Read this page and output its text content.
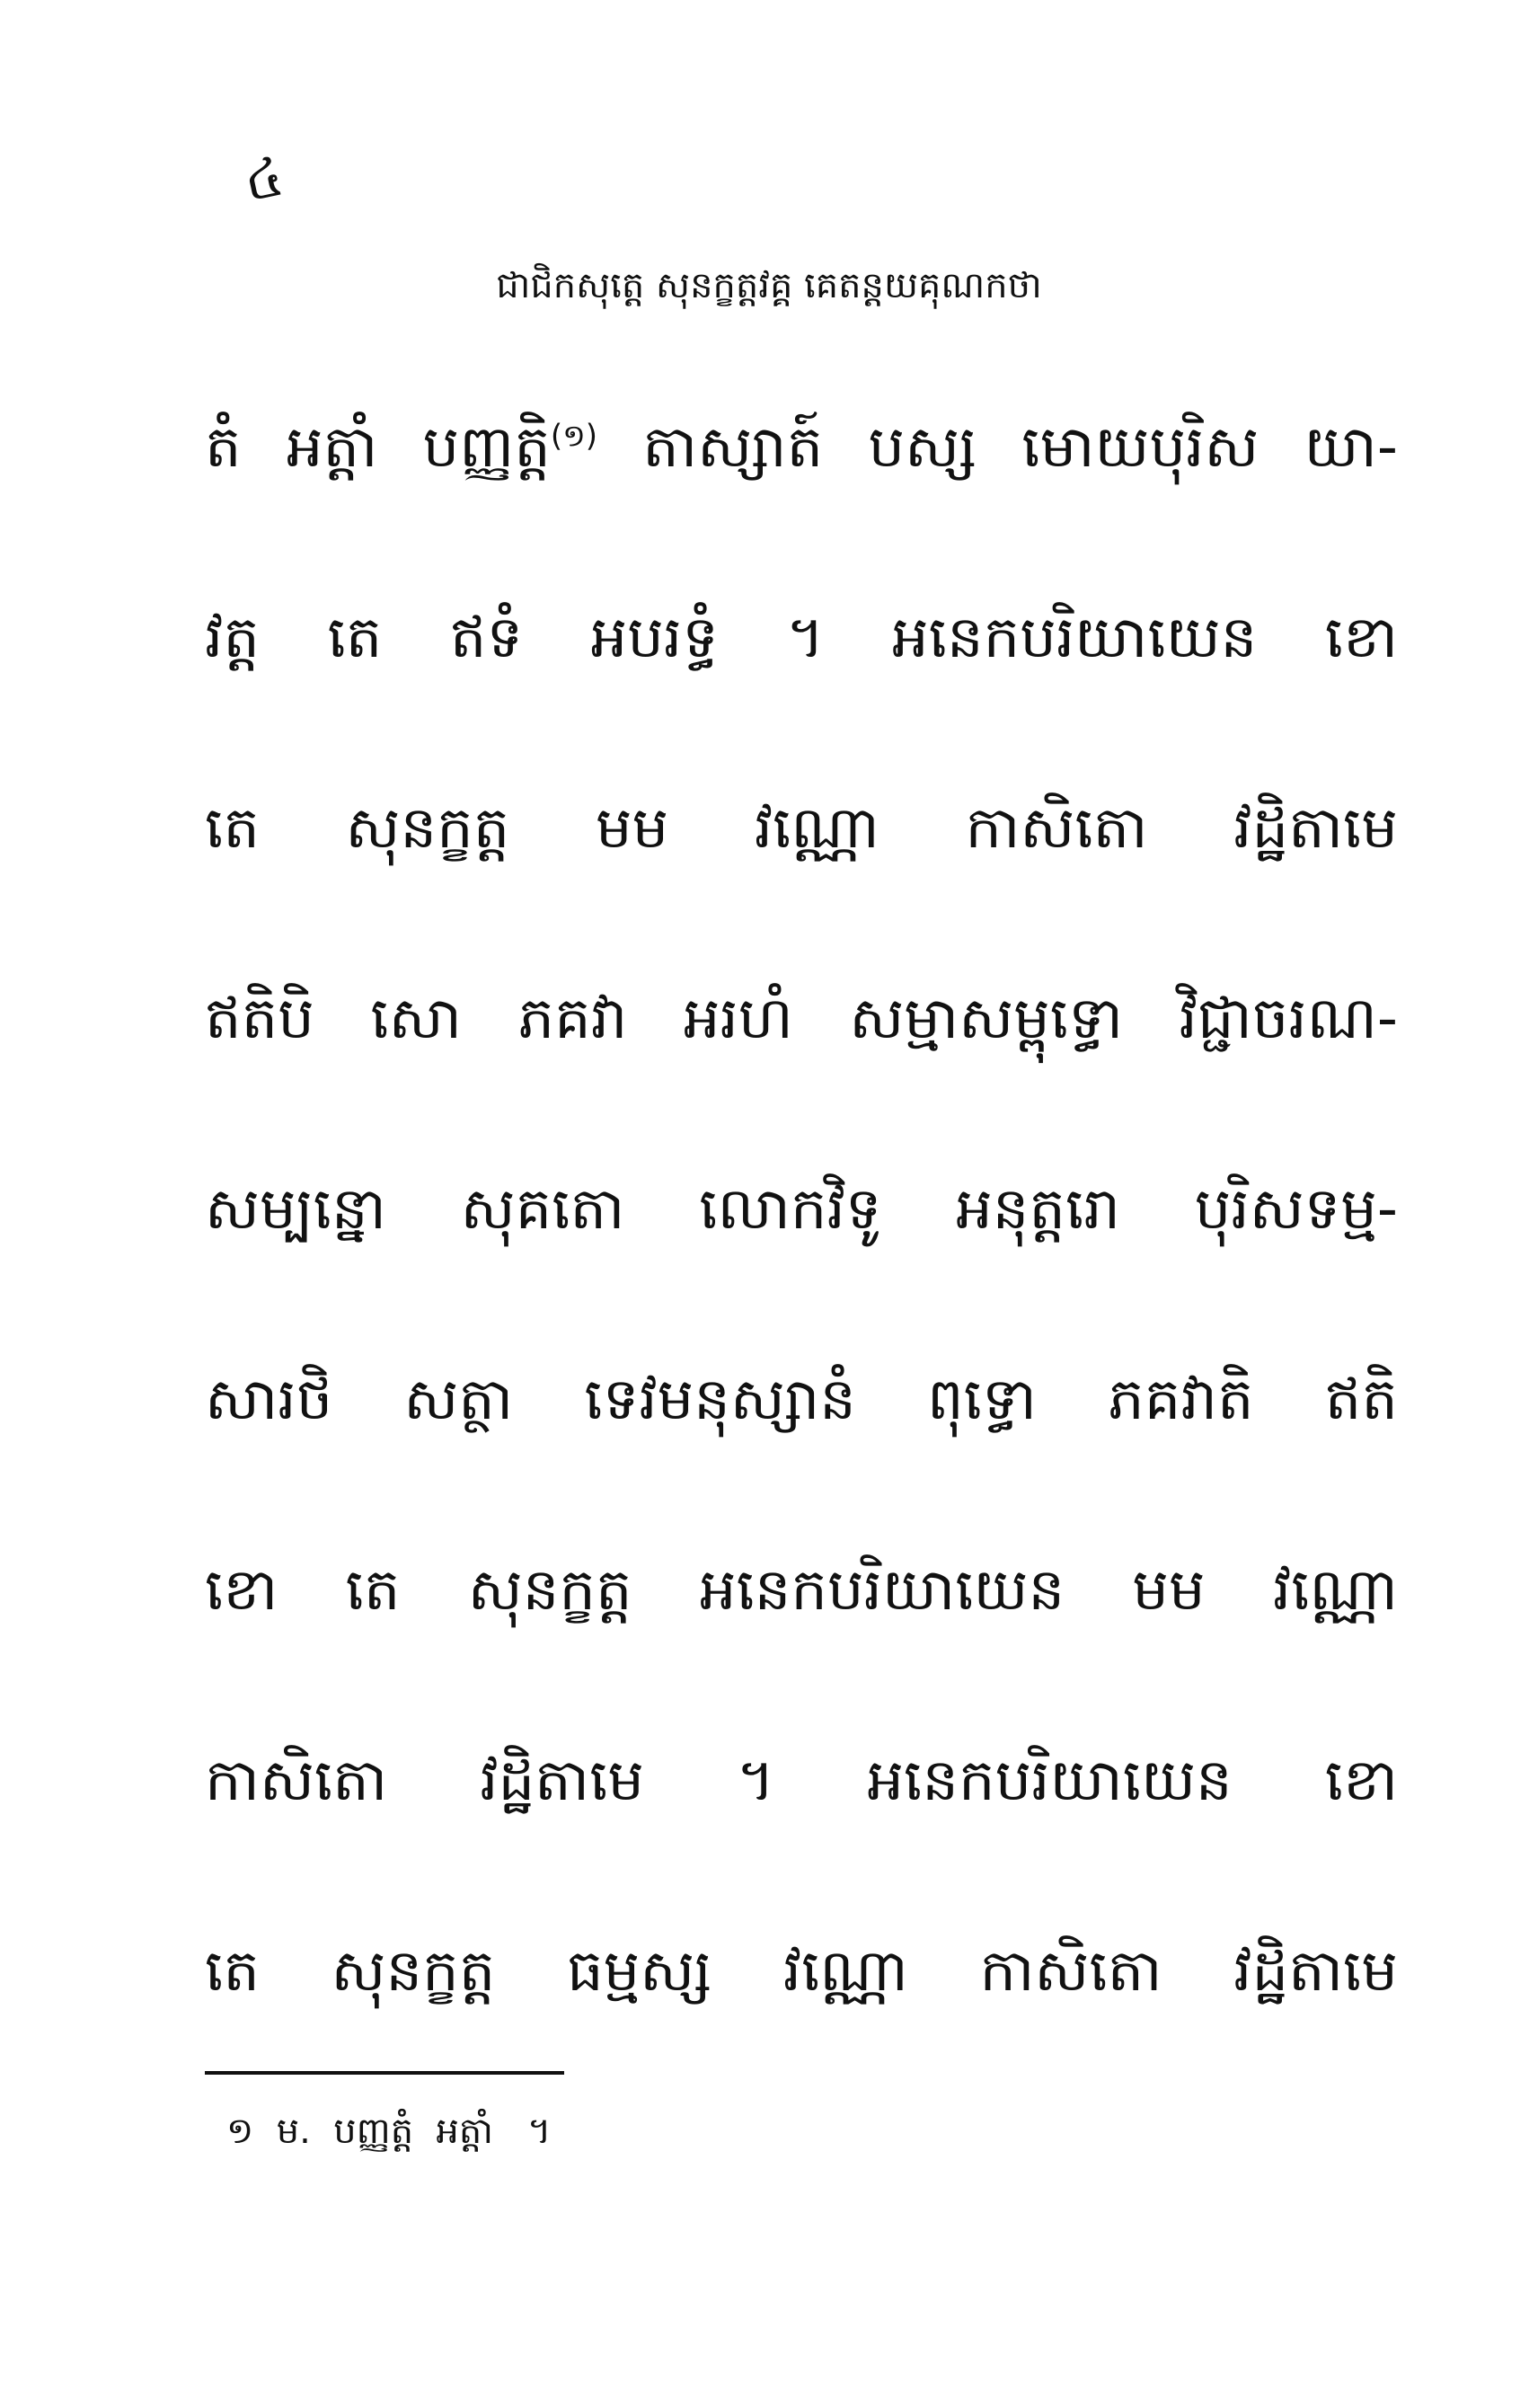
៤
ជាជិកសុត្តេ សុនក្ខត្តវគ្គ គេតន្តយគុណកថា
តំ អត្តាំ បញ្ញត្តិ$^{(១)}$ តាស្សាត៍ បស្ស មោយបុរិស យា-
វត្ត តេ ឥទំ អបរទ្ធំ ។ អនេកបរិយាយេន ខោ
តេ សុនក្ខត្ត មម វណ្ណោ កាសិតោ វដ្ឋិតាមេ
ឥតិបិ សោ ភគវា អរហំ សម្មាសម្ពុទ្ធោ វិជ្ជាចរណ-
សម្បន្នោ សុគតោ លោកវិទូ អនុត្តរោ បុរិសទម្ម-
សារថិ សត្ថា ទេវមនុស្សានំ ពុទ្ធោ ភគវាតិ ឥតិ
ខោ តេ សុនក្ខត្ត អនេកបរិយាយេន មម វណ្ណោ
កាសិតោ វដ្ឋិតាមេ ។ អនេកបរិយាយេន ខោ
តេ សុនក្ខត្ត ធម្មស្ស វណ្ណោ កាសិតោ វដ្ឋិតាមេ
១  ម.  បញ្ញត្តំ  អត្តាំ   ។
